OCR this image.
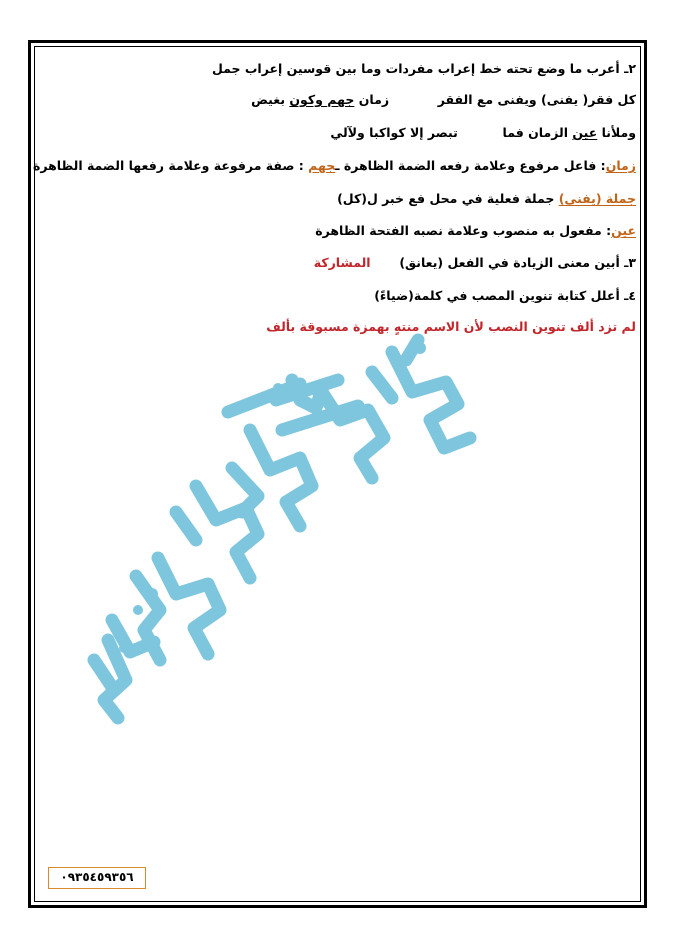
٢ـ أعرب ما وضع تحته خط إعراب مفردات وما بين قوسين إعراب جمل
كل فقر( يفنى) ويفنى مع الفقر  زمان جهم وكون بغيض
وملأنا عين الزمان فما  تبصر إلا كواكبا ولآلي
زمان: فاعل مرفوع وعلامة رفعه الضمة الظاهرة ـجهم : صفة مرفوعة وعلامة رفعها الضمة الظاهرة
جملة (يفنى) جملة فعلية في محل فع خبر ل(كل)
عين: مفعول به منصوب وعلامة نصبه الفتحة الظاهرة
٣ـ أبين معنى الزيادة في الفعل (يعانق)  المشاركة
٤ـ أعلل كتابة تنوين المصب في كلمة(ضياءً)
لم تزد ألف تنوين النصب لأن الاسم منتهٍ بهمزة مسبوقة بألف
٠٩٣٥٤٥٩٣٥٦
